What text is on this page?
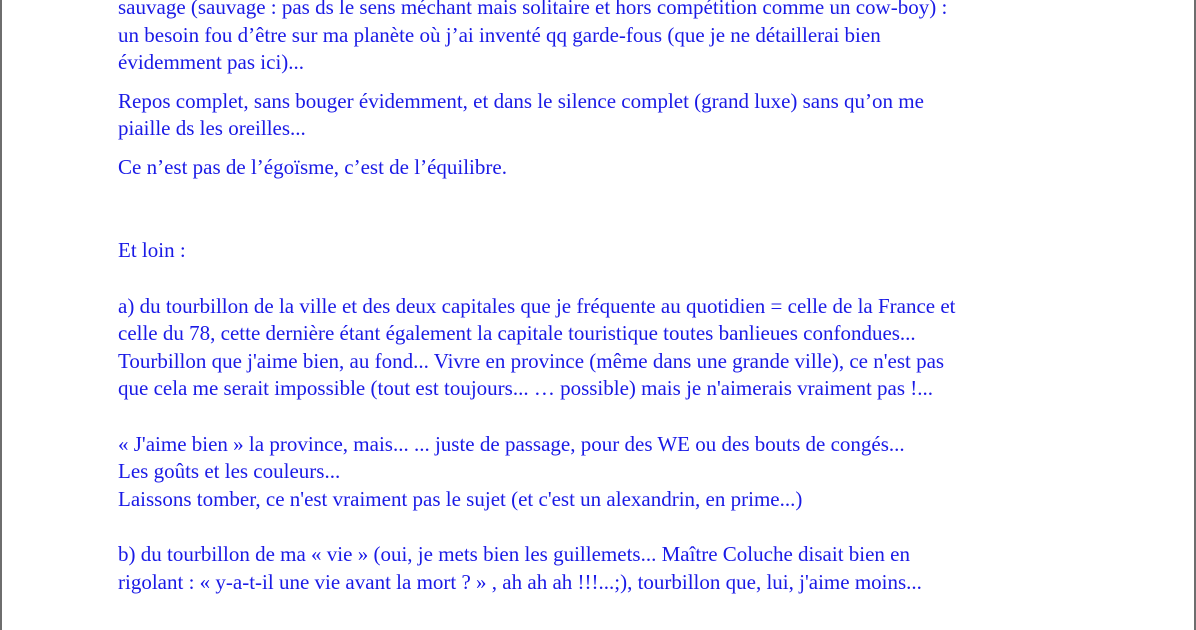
sauvage (sauvage : pas ds le sens méchant mais solitaire et hors compétition comme un cow-boy) :

un besoin fou d’être sur ma planète où j’ai inventé qq garde-fous (que je ne détaillerai bien

évidemment pas ici)...

Repos complet, sans bouger évidemment, et dans le silence complet (grand luxe) sans qu’on me

piaille ds les oreilles...

Ce n’est pas de l’égoïsme, c’est de l’équilibre.

Et loin :

a) du tourbillon de la ville et des deux capitales que je fréquente au quotidien = celle de la France et

celle du 78, cette dernière étant également la capitale touristique toutes banlieues confondues...

Tourbillon que j'aime bien, au fond... Vivre en province (même dans une grande ville), ce n'est pas

que cela me serait impossible (tout est toujours... … possible) mais je n'aimerais vraiment pas !...

« J'aime bien » la province, mais... ... juste de passage, pour des WE ou des bouts de congés...

Les goûts et les couleurs...

Laissons tomber, ce n'est vraiment pas le sujet (et c'est un alexandrin, en prime...)

b) du tourbillon de ma « vie » (oui, je mets bien les guillemets... Maître Coluche disait bien en

rigolant : « y-a-t-il une vie avant la mort ? » , ah ah ah !!!...;), tourbillon que, lui, j'aime moins...
